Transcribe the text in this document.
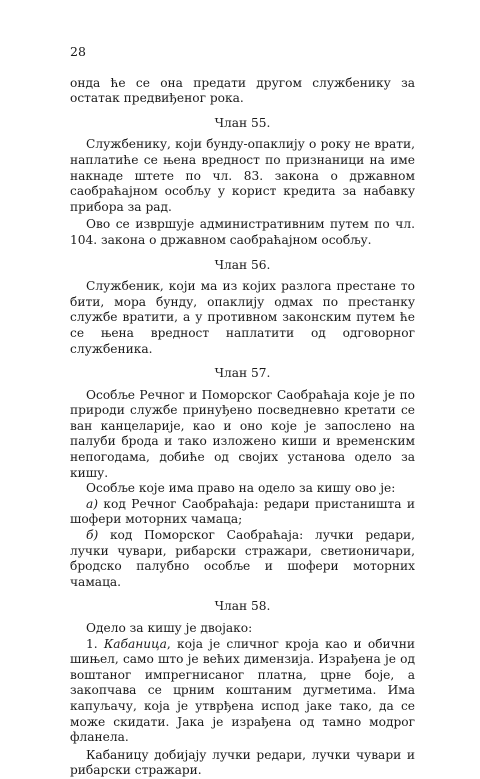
28

онда ће се она предати другом службенику за остатак предвиђеног рока.

Члан 55.

Службенику, који бунду-опаклију о року не врати, наплатиће се њена вредност по признаници на име накнаде штете по чл. 83. закона о државном саобраћајном особљу у корист кредита за набавку прибора за рад.

Ово се извршује административним путем по чл. 104. закона о државном саобраћајном особљу.

Члан 56.

Службеник, који ма из којих разлога престане то бити, мора бунду, опаклију одмах по престанку службе вратити, а у противном законским путем ће се њена вредност наплатити од одговорног службеника.

Члан 57.

Особље Речног и Поморског Саобраћаја које је по природи службе принуђено посведневно кретати се ван канцеларије, као и оно које је запослено на палуби брода и тако изложено киши и временским непогодама, добиће од својих установа одело за кишу.

Особље које има право на одело за кишу ово је:

а) код Речног Саобраћаја: редари пристаништа и шофери моторних чамаца;

б) код Поморског Саобраћаја: лучки редари, лучки чувари, рибарски стражари, светионичари, бродско палубно особље и шофери моторних чамаца.

Члан 58.

Одело за кишу је двојако:

1. Кабаница, која је сличног кроја као и обични шињел, само што је већих димензија. Израђена је од воштаног импрегнисаног платна, црне боје, а закопчава се црним коштаним дугметима. Има капуљачу, која је утврђена испод јаке тако, да се може скидати. Јака је израђена од тамно модрог фланела.

Кабаницу добијају лучки редари, лучки чувари и рибарски стражари.
